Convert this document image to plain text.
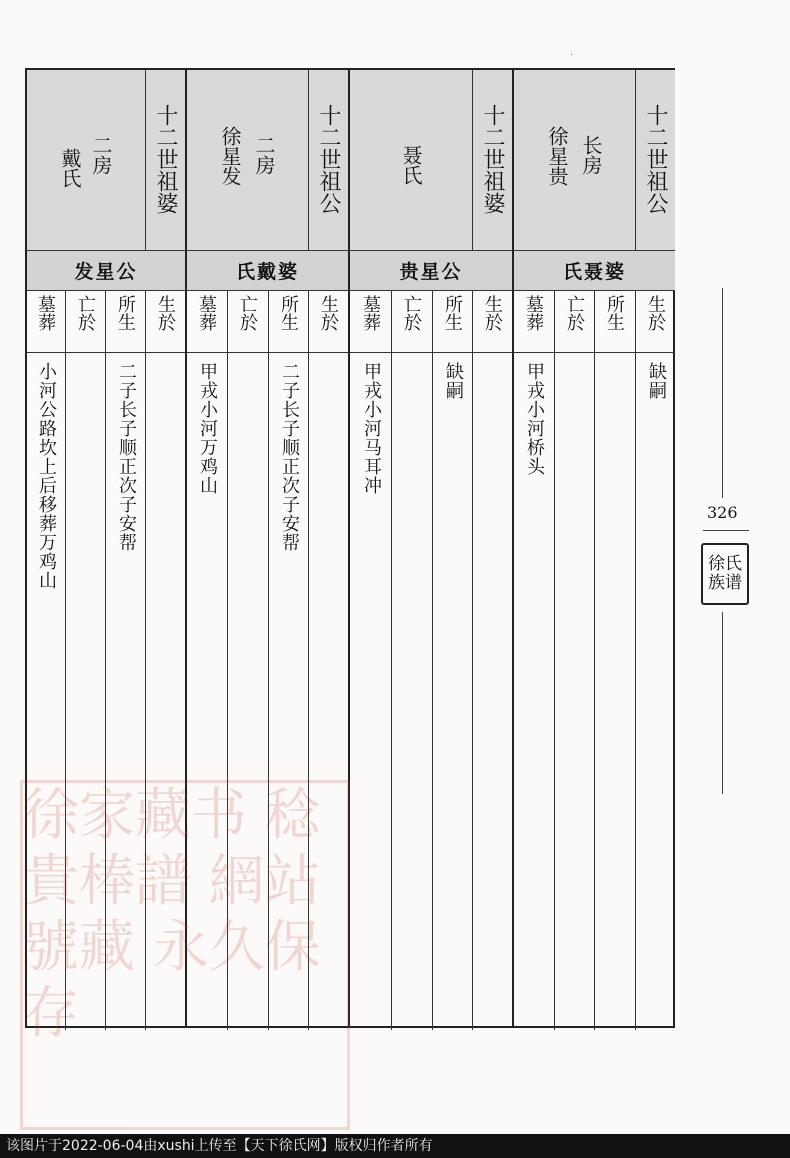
·
十二世祖公
长房
徐星贵
氏聂婆
生於
所生
亡於
墓葬
缺嗣
甲戎小河桥头
十二世祖婆
聂氏
贵星公
生於
所生
亡於
墓葬
缺嗣
甲戎小河马耳冲
十二世祖公
二房
徐星发
氏戴婆
生於
所生
亡於
墓葬
二子长子顺正次子安帮
甲戎小河万鸡山
十二世祖婆
二房
戴氏
发星公
生於
所生
亡於
墓葬
二子长子顺正次子安帮
小河公路坎上后移葬万鸡山	326
徐氏族谱
徐家藏书 稔貴棒譜 網站號藏 永久保存
该图片于2022-06-04由xushi上传至【天下徐氏网】版权归作者所有
